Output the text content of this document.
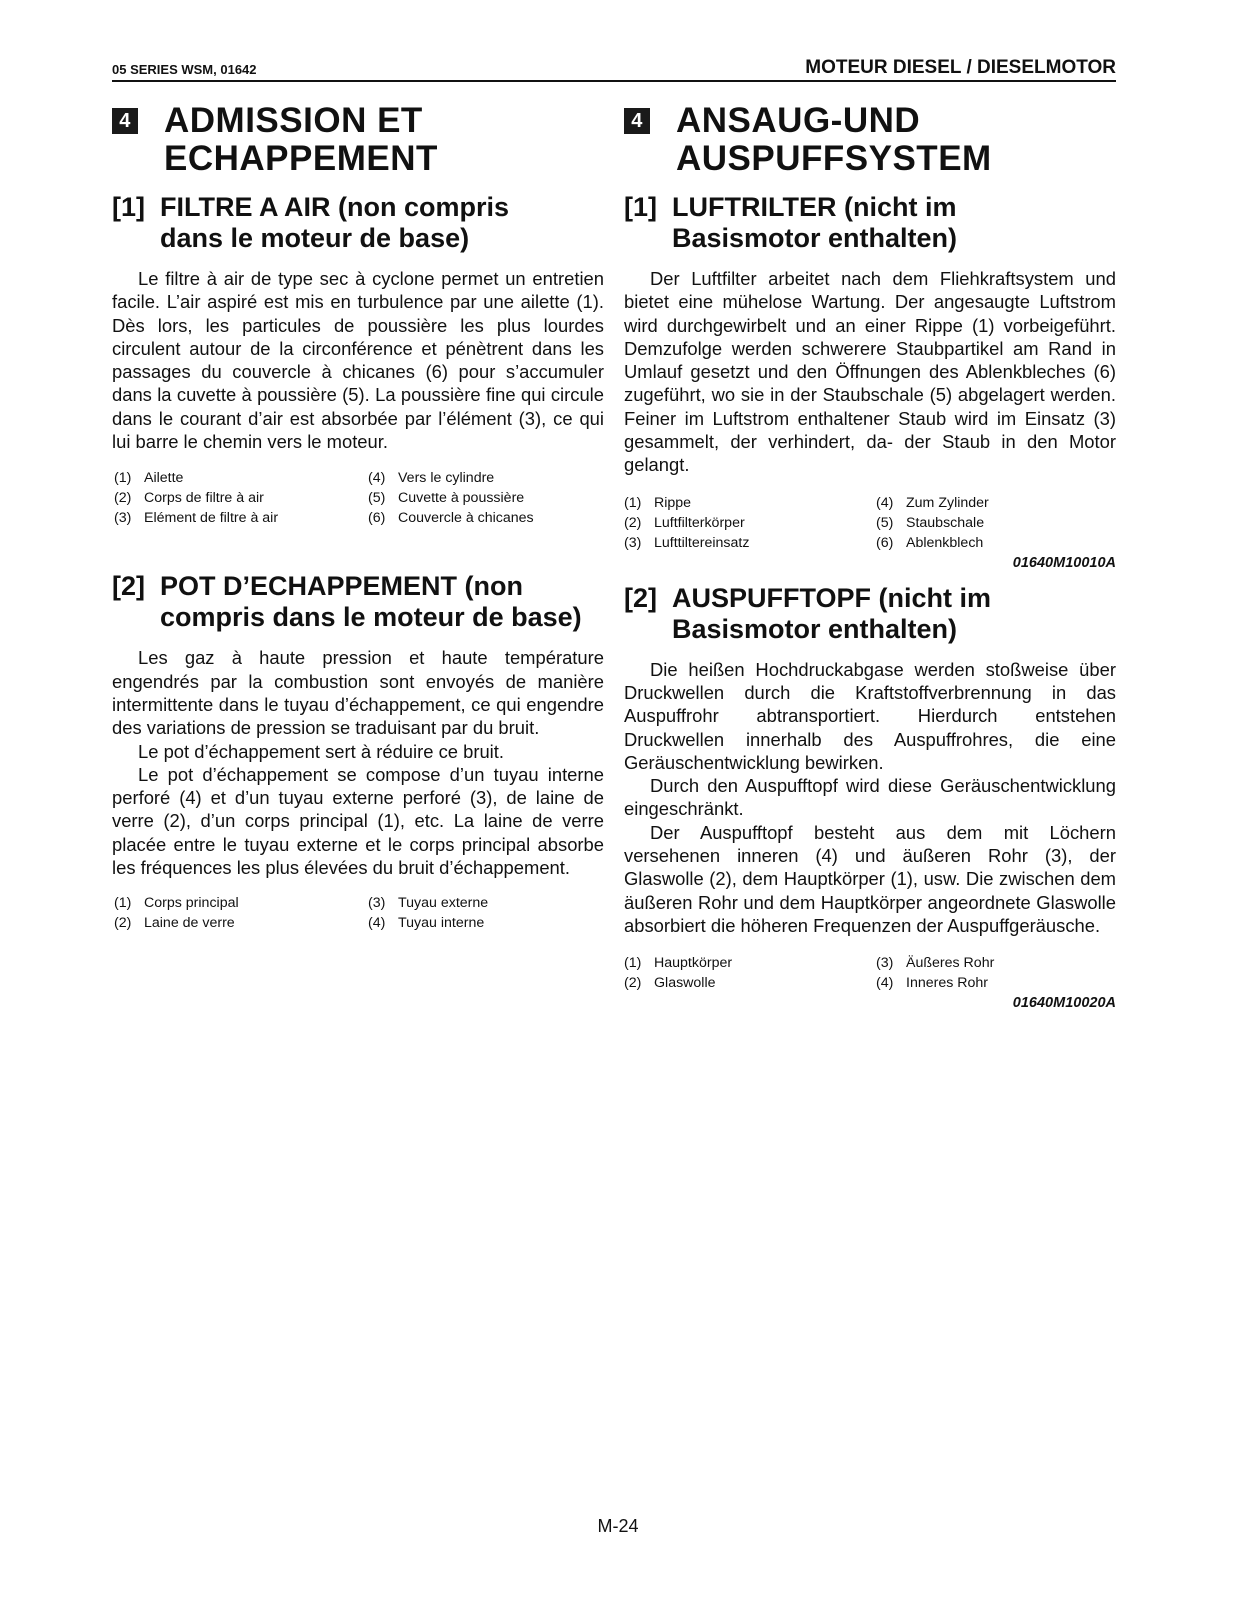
05 SERIES WSM, 01642	MOTEUR DIESEL / DIESELMOTOR
4 ADMISSION ET
ECHAPPEMENT
[1] FILTRE A AIR (non compris
dans le moteur de base)

Le filtre à air de type sec à cyclone permet un entretien facile. L’air aspiré est mis en turbulence par une ailette (1). Dès lors, les particules de poussière les plus lourdes circulent autour de la circonférence et pénètrent dans les passages du couvercle à chicanes (6) pour s’accumuler dans la cuvette à poussière (5). La poussière fine qui circule dans le courant d’air est absorbée par l’élément (3), ce qui lui barre le chemin vers le moteur.

(1) Ailette
(2) Corps de filtre à air
(3) Elément de filtre à air
(4) Vers le cylindre
(5) Cuvette à poussière
(6) Couvercle à chicanes
[2] POT D’ECHAPPEMENT (non
compris dans le moteur de base)

Les gaz à haute pression et haute température engendrés par la combustion sont envoyés de manière intermittente dans le tuyau d’échappement, ce qui engendre des variations de pression se traduisant par du bruit.

Le pot d’échappement sert à réduire ce bruit.

Le pot d’échappement se compose d’un tuyau interne perforé (4) et d’un tuyau externe perforé (3), de laine de verre (2), d’un corps principal (1), etc. La laine de verre placée entre le tuyau externe et le corps principal absorbe les fréquences les plus élevées du bruit d’échappement.

(1) Corps principal
(2) Laine de verre
(3) Tuyau externe
(4) Tuyau interne
4 ANSAUG-UND
AUSPUFFSYSTEM
[1] LUFTRILTER (nicht im
Basismotor enthalten)

Der Luftfilter arbeitet nach dem Fliehkraftsystem und bietet eine mühelose Wartung. Der angesaugte Luftstrom wird durchgewirbelt und an einer Rippe (1) vorbeigeführt. Demzufolge werden schwerere Staubpartikel am Rand in Umlauf gesetzt und den Öffnungen des Ablenkbleches (6) zugeführt, wo sie in der Staubschale (5) abgelagert werden. Feiner im Luftstrom enthaltener Staub wird im Einsatz (3) gesammelt, der verhindert, da- der Staub in den Motor gelangt.

(1) Rippe
(2) Luftfilterkörper
(3) Lufttiltereinsatz
(4) Zum Zylinder
(5) Staubschale
(6) Ablenkblech
01640M10010A
[2] AUSPUFFTOPF (nicht im
Basismotor enthalten)

Die heißen Hochdruckabgase werden stoßweise über Druckwellen durch die Kraftstoffverbrennung in das Auspuffrohr abtransportiert. Hierdurch entstehen Druckwellen innerhalb des Auspuffrohres, die eine Geräuschentwicklung bewirken.

Durch den Auspufftopf wird diese Geräuschentwicklung eingeschränkt.

Der Auspufftopf besteht aus dem mit Löchern versehenen inneren (4) und äußeren Rohr (3), der Glaswolle (2), dem Hauptkörper (1), usw. Die zwischen dem äußeren Rohr und dem Hauptkörper angeordnete Glaswolle absorbiert die höheren Frequenzen der Auspuffgeräusche.

(1) Hauptkörper
(2) Glaswolle
(3) Äußeres Rohr
(4) Inneres Rohr
01640M10020A
M-24
